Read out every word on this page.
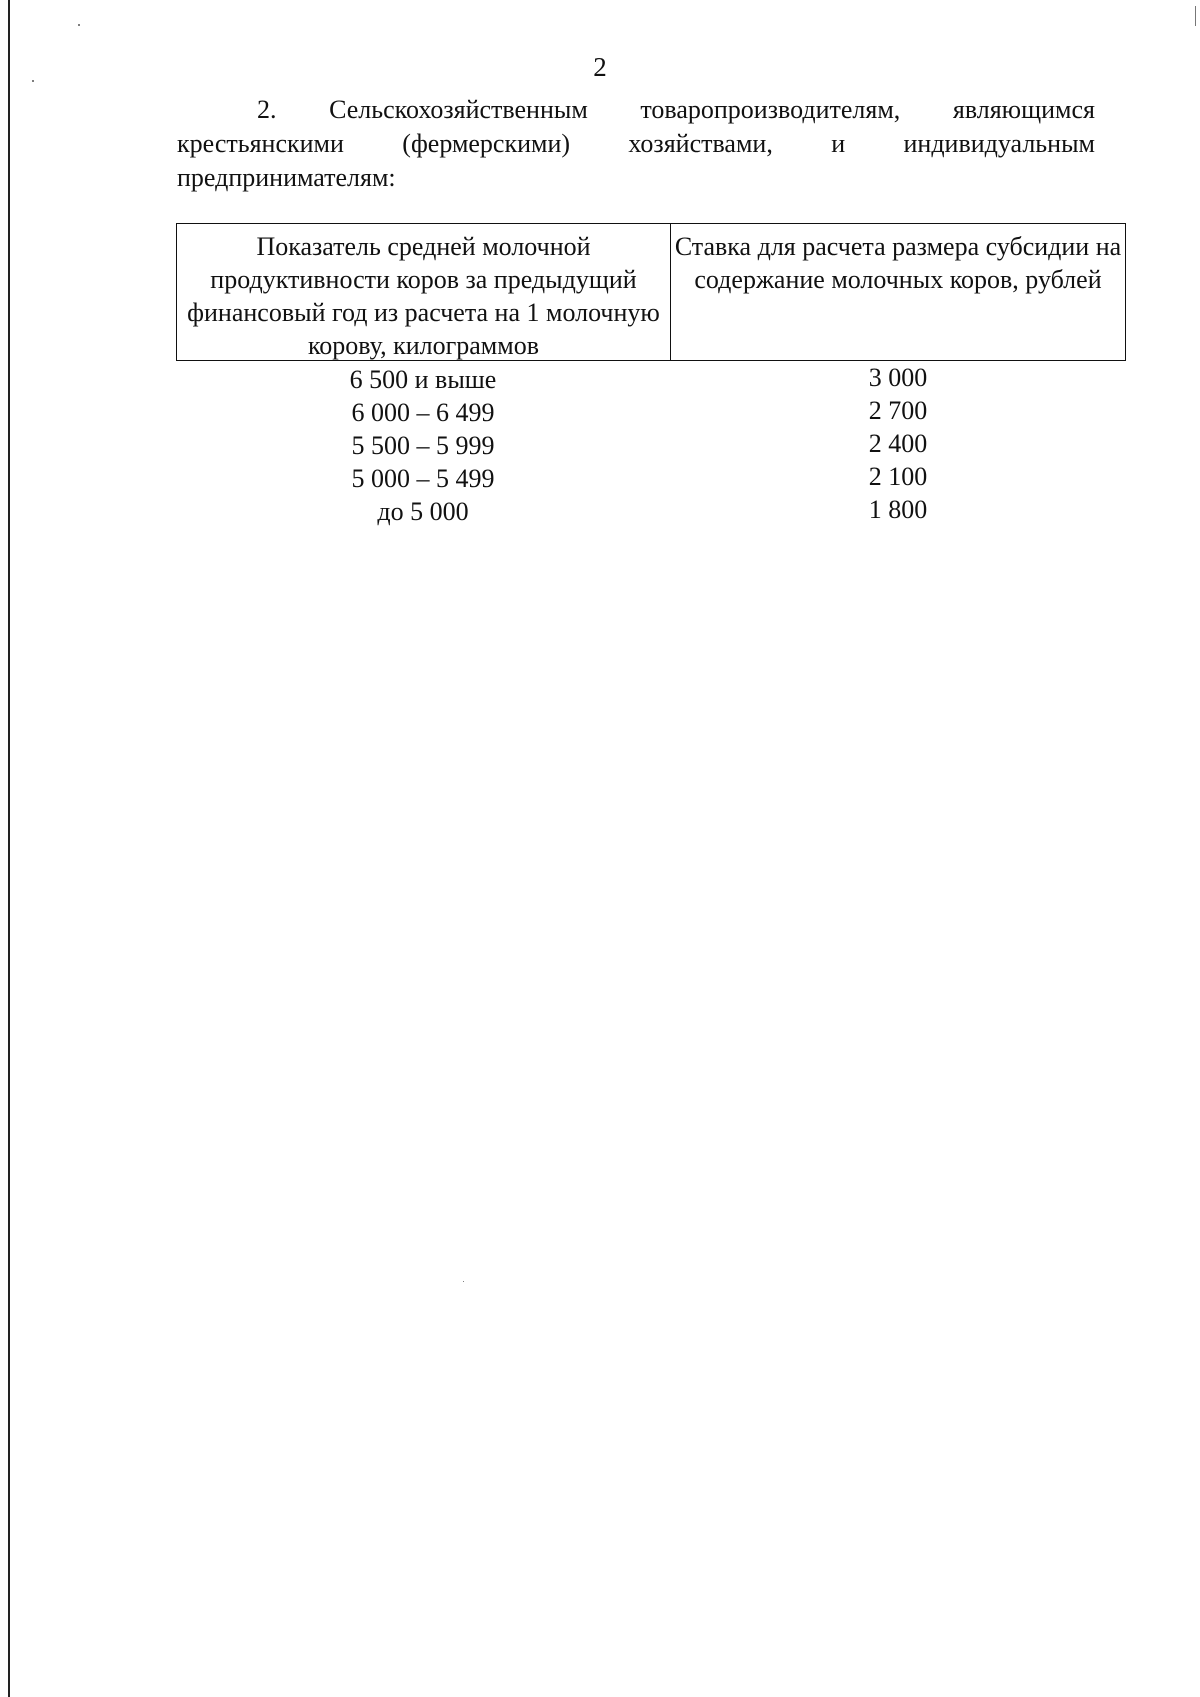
2
2. Сельскохозяйственным товаропроизводителям, являющимся крестьянскими (фермерскими) хозяйствами, и индивидуальным предпринимателям:
Показатель средней молочной продуктивности коров за предыдущий финансовый год из расчета на 1 молочную корову, килограммов
Ставка для расчета размера субсидии на содержание молочных коров, рублей
6 500 и выше	3 000
6 000 – 6 499	2 700
5 500 – 5 999	2 400
5 000 – 5 499	2 100
до 5 000	1 800
